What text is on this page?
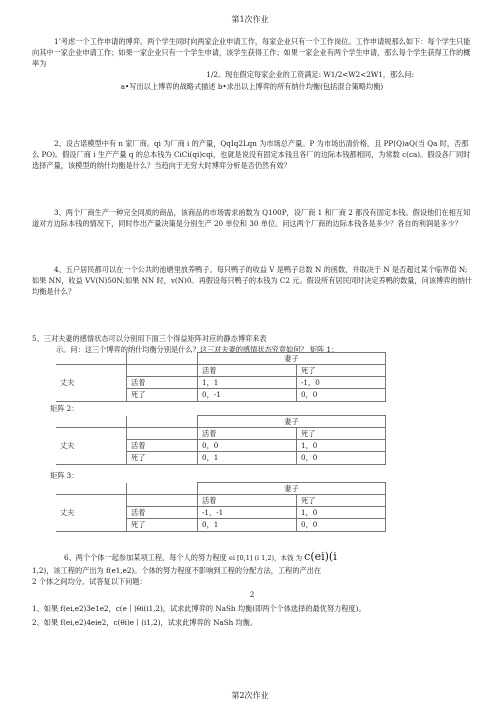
第1次作业

1’考虑一个工作申请的博弈。两个学生同时向两家企业申请工作，每家企业只有一个工作岗位。工作申请规那么如下：每个学生只能向其中一家企业申请工作；如果一家企业只有一个学生申请，该学生获得工作；如果一家企业有两个学生申请，那么每个学生获得工作的概率为

1/2。现在假定每家企业的工资满足: W1/2<W2<2W1，那么问:

a•写出以上博弈的战略式描述 b•求出以上博弈的所有纳什均衡(包括混合策略均衡)

2、设古诺模型中有 n 家厂商。qi 为厂商 i 的产量，QqIq2Lqn 为市场总产量。P 为市场出清价格，且 PP(Q)aQ(当 Qa 时，否那么 PO)。假设厂商 i 生产产量 q 的总本钱为 CiCi(qi)cqi，也就是说没有固定本钱且各厂的边际本钱都相同，为常数 c(ca)。假设各厂同时选择产量，该模型的纳什均衡是什么？当趋向于无穷大时博弈分析是否仍然有效？

3、两个厂商生产一种完全同质的商品，该商品的市场需求函数为 Q100P，设厂商 1 和厂商 2 都没有固定本钱。假设他们在相互知道对方边际本钱的情况下，同时作出产量决策是分别生产 20 单位和 30 单位。问这两个厂商的边际本钱各是多少？各自的利润是多少？

4、五户居民都可以在一个公共的池塘里放养鸭子。每只鸭子的收益 V 是鸭子总数 N 的函数，并取决于 N 是否超过某个临界值 N;如果 NN，收益 VV(N)50N;如果 NN 时，v(N)0。再假设每只鸭子的本钱为 C2 元。假设所有居民同时决定养鸭的数量，问该博弈的纳什均衡是什么？

5、三对夫妻的感情状态可以分别用下面三个得益矩阵对应的静态博弈来表

示。问：这三个博弈的纳什均衡分别是什么？这三对夫妻的感情状态究竟如何？ 矩阵 1：

		妻子	
丈夫		活着	死了
	活着	1，1	-1，0
	死了	0，-1	0，0
矩阵 2：
		妻子	
丈夫		活着	死了
	活着	0，0	1，0
	死了	0，1	0，0
矩阵 3：
		妻子	
丈夫		活着	死了
	活着	-1，-1	1，0
	死了	0，1	0，0

6、两个个体一起参加某项工程，每个人的努力程度 ei [0,1] (i 1,2)，本钱 为 c(ei)(i

1,2)，该工程的产出为 f(e1,e2)。个体的努力程度不影响到工程的分配方法，工程的产出在

2 个体之间均分。试答复以下问题：

2

1、如果 f(ei,e2)3e1e2，c(e丨)θi(i1,2)，试求此博弈的 NaSh 均衡(即两个个体选择的最优努力程度)。

2、如果 f(ei,e2)4eie2，c(θi)e丨(i1,2)，试求此博弈的 NaSh 均衡。

第2次作业
